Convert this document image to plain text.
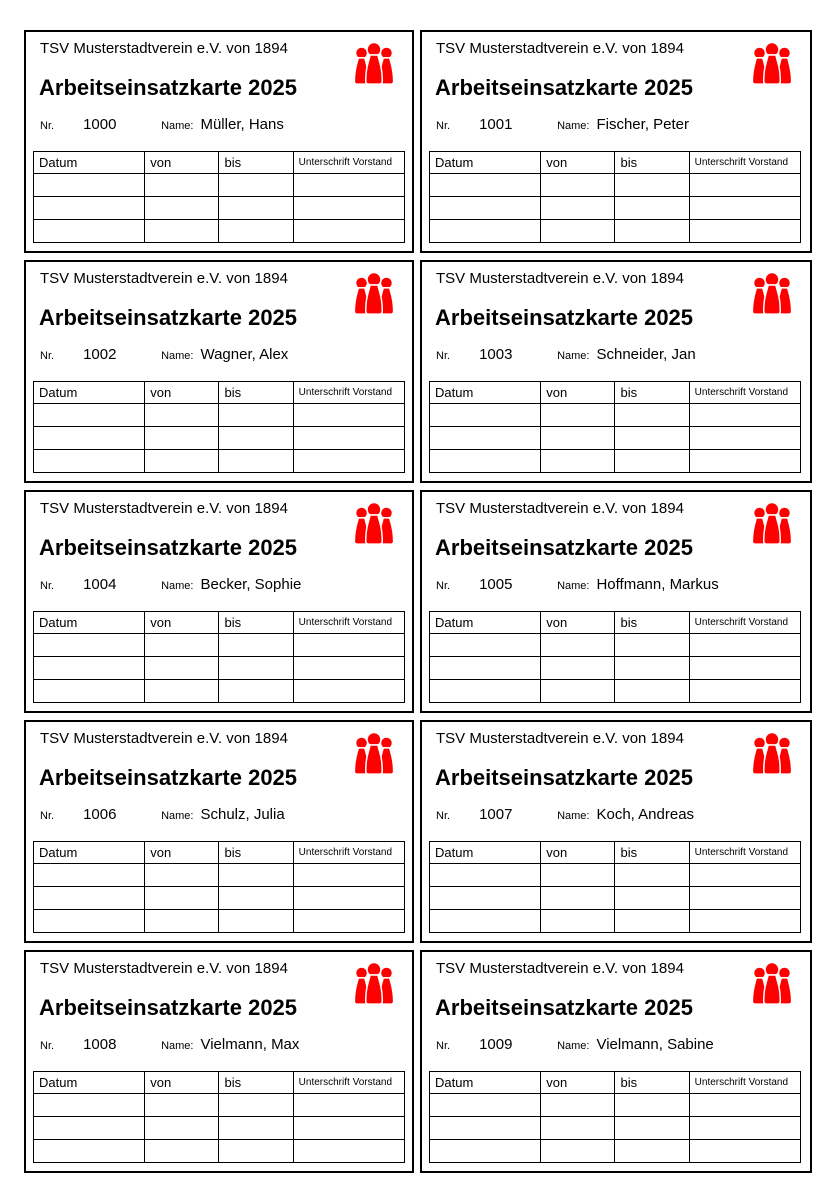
TSV Musterstadtverein e.V. von 1894
Arbeitseinsatzkarte 2025
Nr. 1000	Name: Müller, Hans
Datum	von	bis	Unterschrift Vorstand

TSV Musterstadtverein e.V. von 1894
Arbeitseinsatzkarte 2025
Nr. 1001	Name: Fischer, Peter
Datum	von	bis	Unterschrift Vorstand

TSV Musterstadtverein e.V. von 1894
Arbeitseinsatzkarte 2025
Nr. 1002	Name: Wagner, Alex
Datum	von	bis	Unterschrift Vorstand

TSV Musterstadtverein e.V. von 1894
Arbeitseinsatzkarte 2025
Nr. 1003	Name: Schneider, Jan
Datum	von	bis	Unterschrift Vorstand

TSV Musterstadtverein e.V. von 1894
Arbeitseinsatzkarte 2025
Nr. 1004	Name: Becker, Sophie
Datum	von	bis	Unterschrift Vorstand

TSV Musterstadtverein e.V. von 1894
Arbeitseinsatzkarte 2025
Nr. 1005	Name: Hoffmann, Markus
Datum	von	bis	Unterschrift Vorstand

TSV Musterstadtverein e.V. von 1894
Arbeitseinsatzkarte 2025
Nr. 1006	Name: Schulz, Julia
Datum	von	bis	Unterschrift Vorstand

TSV Musterstadtverein e.V. von 1894
Arbeitseinsatzkarte 2025
Nr. 1007	Name: Koch, Andreas
Datum	von	bis	Unterschrift Vorstand

TSV Musterstadtverein e.V. von 1894
Arbeitseinsatzkarte 2025
Nr. 1008	Name: Vielmann, Max
Datum	von	bis	Unterschrift Vorstand

TSV Musterstadtverein e.V. von 1894
Arbeitseinsatzkarte 2025
Nr. 1009	Name: Vielmann, Sabine
Datum	von	bis	Unterschrift Vorstand
